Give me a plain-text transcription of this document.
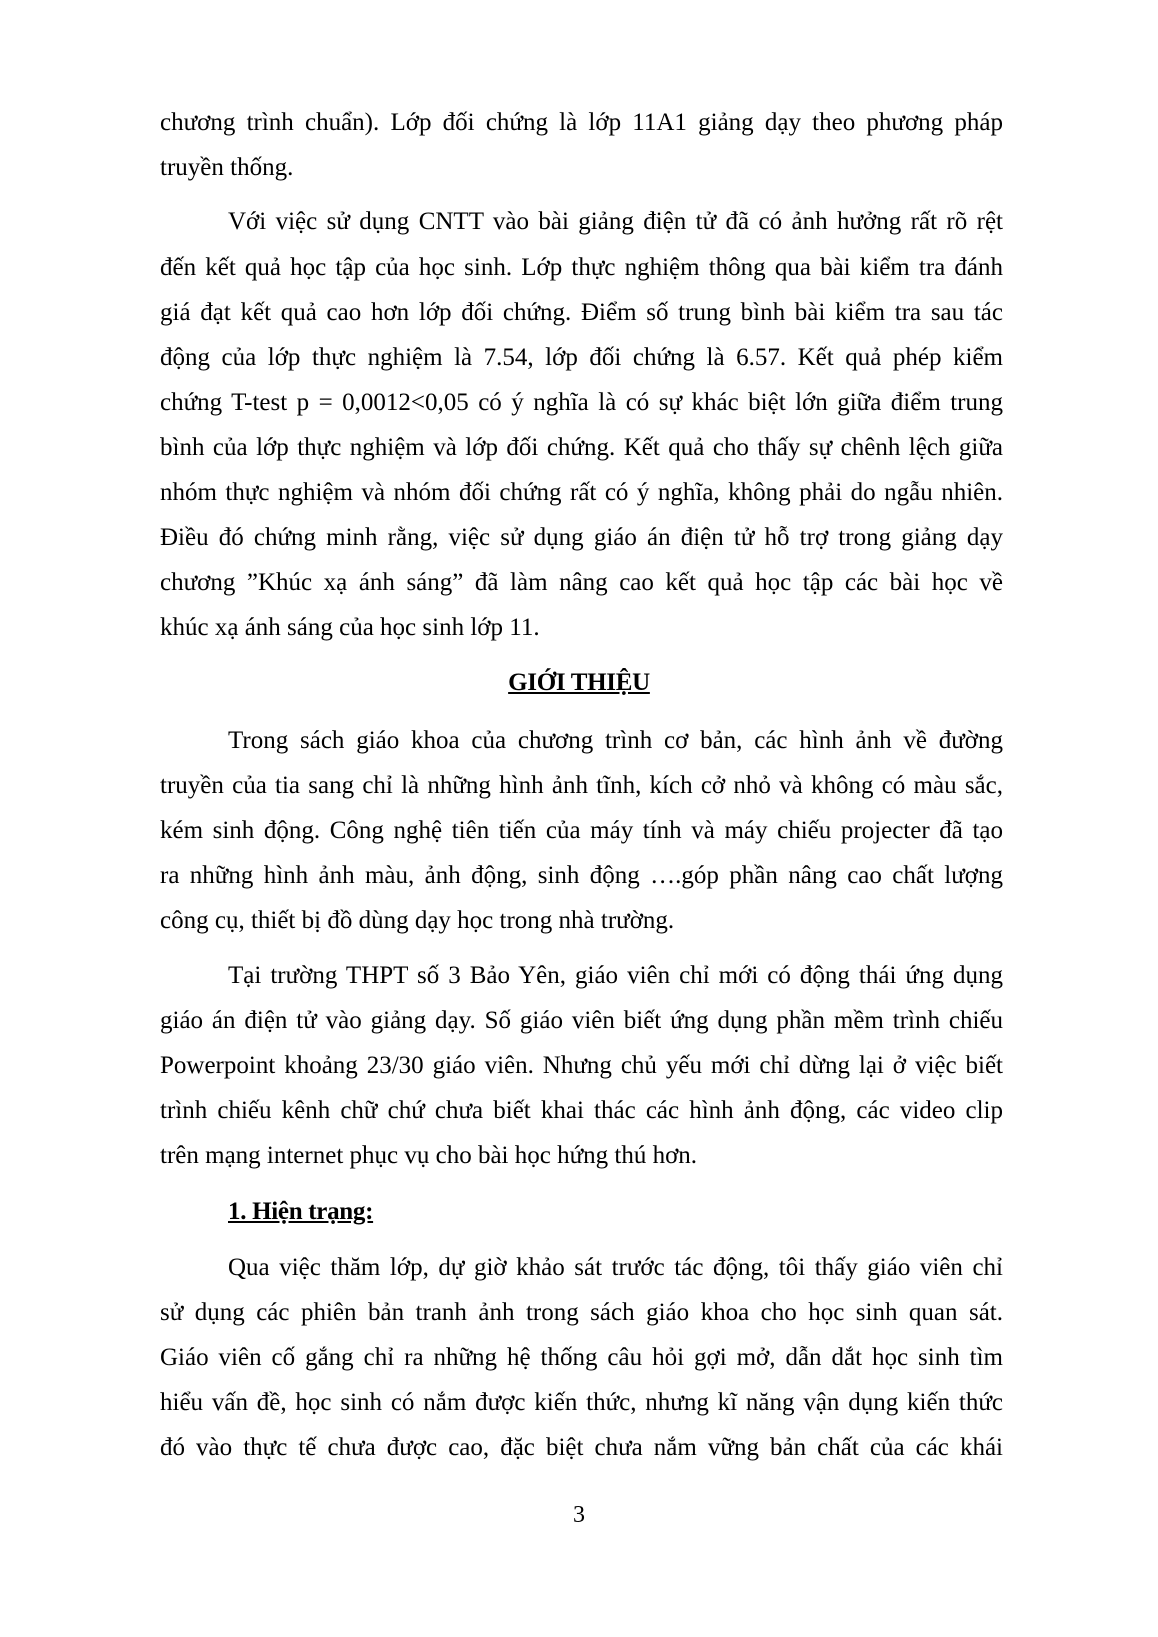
chương trình chuẩn). Lớp đối chứng là lớp 11A1 giảng dạy theo phương pháp
truyền thống.
Với việc sử dụng CNTT vào bài giảng điện tử đã có ảnh hưởng rất rõ rệt
đến kết quả học tập của học sinh. Lớp thực nghiệm thông qua bài kiểm tra đánh
giá đạt kết quả cao hơn lớp đối chứng. Điểm số trung bình bài kiểm tra sau tác
động của lớp thực nghiệm là 7.54, lớp đối chứng là 6.57. Kết quả phép kiểm
chứng T-test p = 0,0012<0,05 có ý nghĩa là có sự khác biệt lớn giữa điểm trung
bình của lớp thực nghiệm và lớp đối chứng. Kết quả cho thấy sự chênh lệch giữa
nhóm thực nghiệm và nhóm đối chứng rất có ý nghĩa, không phải do ngẫu nhiên.
Điều đó chứng minh rằng, việc sử dụng giáo án điện tử hỗ trợ trong giảng dạy
chương ”Khúc xạ ánh sáng” đã làm nâng cao kết quả học tập các bài học về
khúc xạ ánh sáng của học sinh lớp 11.
GIỚI THIỆU
Trong sách giáo khoa của chương trình cơ bản, các hình ảnh về đường
truyền của tia sang chỉ là những hình ảnh tĩnh, kích cở nhỏ và không có màu sắc,
kém sinh động. Công nghệ tiên tiến của máy tính và máy chiếu projecter đã tạo
ra những hình ảnh màu, ảnh động, sinh động ….góp phần nâng cao chất lượng
công cụ, thiết bị đồ dùng dạy học trong nhà trường.
Tại trường THPT số 3 Bảo Yên, giáo viên chỉ mới có động thái ứng dụng
giáo án điện tử vào giảng dạy. Số giáo viên biết ứng dụng phần mềm trình chiếu
Powerpoint khoảng 23/30 giáo viên. Nhưng chủ yếu mới chỉ dừng lại ở việc biết
trình chiếu kênh chữ chứ chưa biết khai thác các hình ảnh động, các video clip
trên mạng internet phục vụ cho bài học hứng thú hơn.
1. Hiện trạng:
Qua việc thăm lớp, dự giờ khảo sát trước tác động, tôi thấy giáo viên chỉ
sử dụng các phiên bản tranh ảnh trong sách giáo khoa cho học sinh quan sát.
Giáo viên cố gắng chỉ ra những hệ thống câu hỏi gợi mở, dẫn dắt học sinh tìm
hiểu vấn đề, học sinh có nắm được kiến thức, nhưng kĩ năng vận dụng kiến thức
đó vào thực tế chưa được cao, đặc biệt chưa nắm vững bản chất của các khái
3
